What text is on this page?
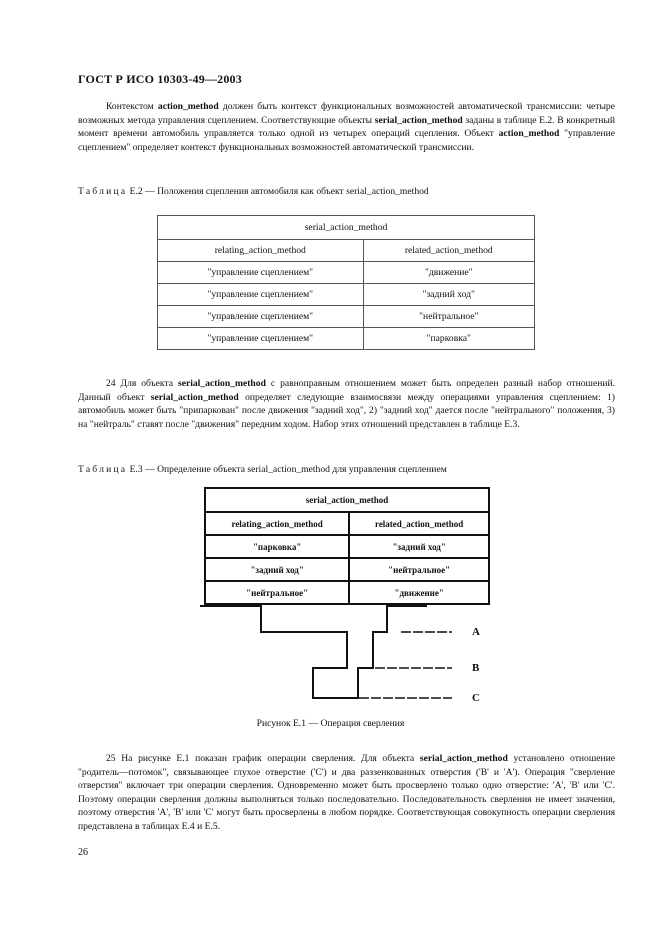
ГОСТ Р ИСО 10303-49—2003
Контекстом action_method должен быть контекст функциональных возможностей автоматической трансмиссии: четыре возможных метода управления сцеплением. Соответствующие объекты serial_action_method заданы в таблице Е.2. В конкретный момент времени автомобиль управляется только одной из четырех операций сцепления. Объект action_method "управление сцеплением" определяет контекст функциональных возможностей автоматической трансмиссии.
Таблица Е.2 — Положения сцепления автомобиля как объект serial_action_method
serial_action_method	
relating_action_method	related_action_method
"управление сцеплением"	"движение"
"управление сцеплением"	"задний ход"
"управление сцеплением"	"нейтральное"
"управление сцеплением"	"парковка"
24 Для объекта serial_action_method с равноправным отношением может быть определен разный набор отношений. Данный объект serial_action_method определяет следующие взаимосвязи между операциями управления сцеплением: 1) автомобиль может быть "припаркован" после движения "задний ход", 2) "задний ход" дается после "нейтрального" положения, 3) на "нейтраль" ставят после "движения" передним ходом. Набор этих отношений представлен в таблице Е.3.
Таблица Е.3 — Определение объекта serial_action_method для управления сцеплением
serial_action_method	
relating_action_method	related_action_method
"парковка"	"задний ход"
"задний ход"	"нейтральное"
"нейтральное"	"движение"
A
B
C
Рисунок Е.1 — Операция сверления
25 На рисунке Е.1 показан график операции сверления. Для объекта serial_action_method установлено отношение "родитель—потомок", связывающее глухое отверстие ('С') и два раззенкованных отверстия ('В' и 'А'). Операция "сверление отверстия" включает три операции сверления. Одновременно может быть просверлено только одно отверстие: 'А', 'В' или 'С'. Поэтому операции сверления должны выполняться только последовательно. Последовательность сверления не имеет значения, поэтому отверстия 'А', 'В' или 'С' могут быть просверлены в любом порядке. Соответствующая совокупность операции сверления представлена в таблицах Е.4 и Е.5.
26
